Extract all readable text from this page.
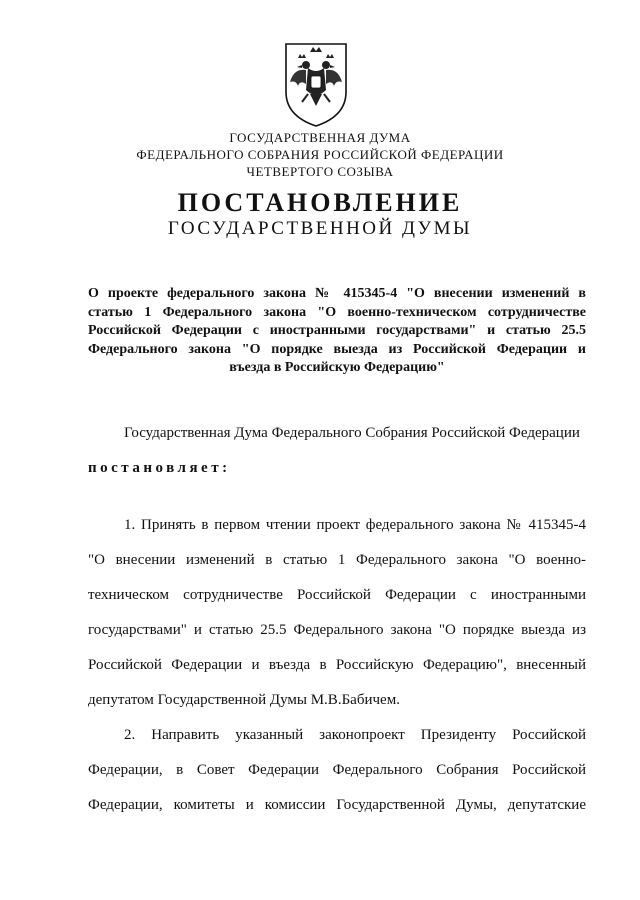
ГОСУДАРСТВЕННАЯ ДУМА
ФЕДЕРАЛЬНОГО СОБРАНИЯ РОССИЙСКОЙ ФЕДЕРАЦИИ
ЧЕТВЕРТОГО СОЗЫВА
ПОСТАНОВЛЕНИЕ
ГОСУДАРСТВЕННОЙ ДУМЫ
О проекте федерального закона № 415345-4 "О внесении изменений в
статью 1 Федерального закона "О военно-техническом сотрудничестве
Российской Федерации с иностранными государствами" и статью 25.5
Федерального закона "О порядке выезда из Российской Федерации и
въезда в Российскую Федерацию"
Государственная Дума Федерального Собрания Российской Федерации
постановляет:
1. Принять в первом чтении проект федерального закона № 415345-4
"О внесении изменений в статью 1 Федерального закона "О военно-
техническом сотрудничестве Российской Федерации с иностранными
государствами" и статью 25.5 Федерального закона "О порядке выезда из
Российской Федерации и въезда в Российскую Федерацию", внесенный
депутатом Государственной Думы М.В.Бабичем.
2. Направить указанный законопроект Президенту Российской
Федерации, в Совет Федерации Федерального Собрания Российской
Федерации, комитеты и комиссии Государственной Думы, депутатские
